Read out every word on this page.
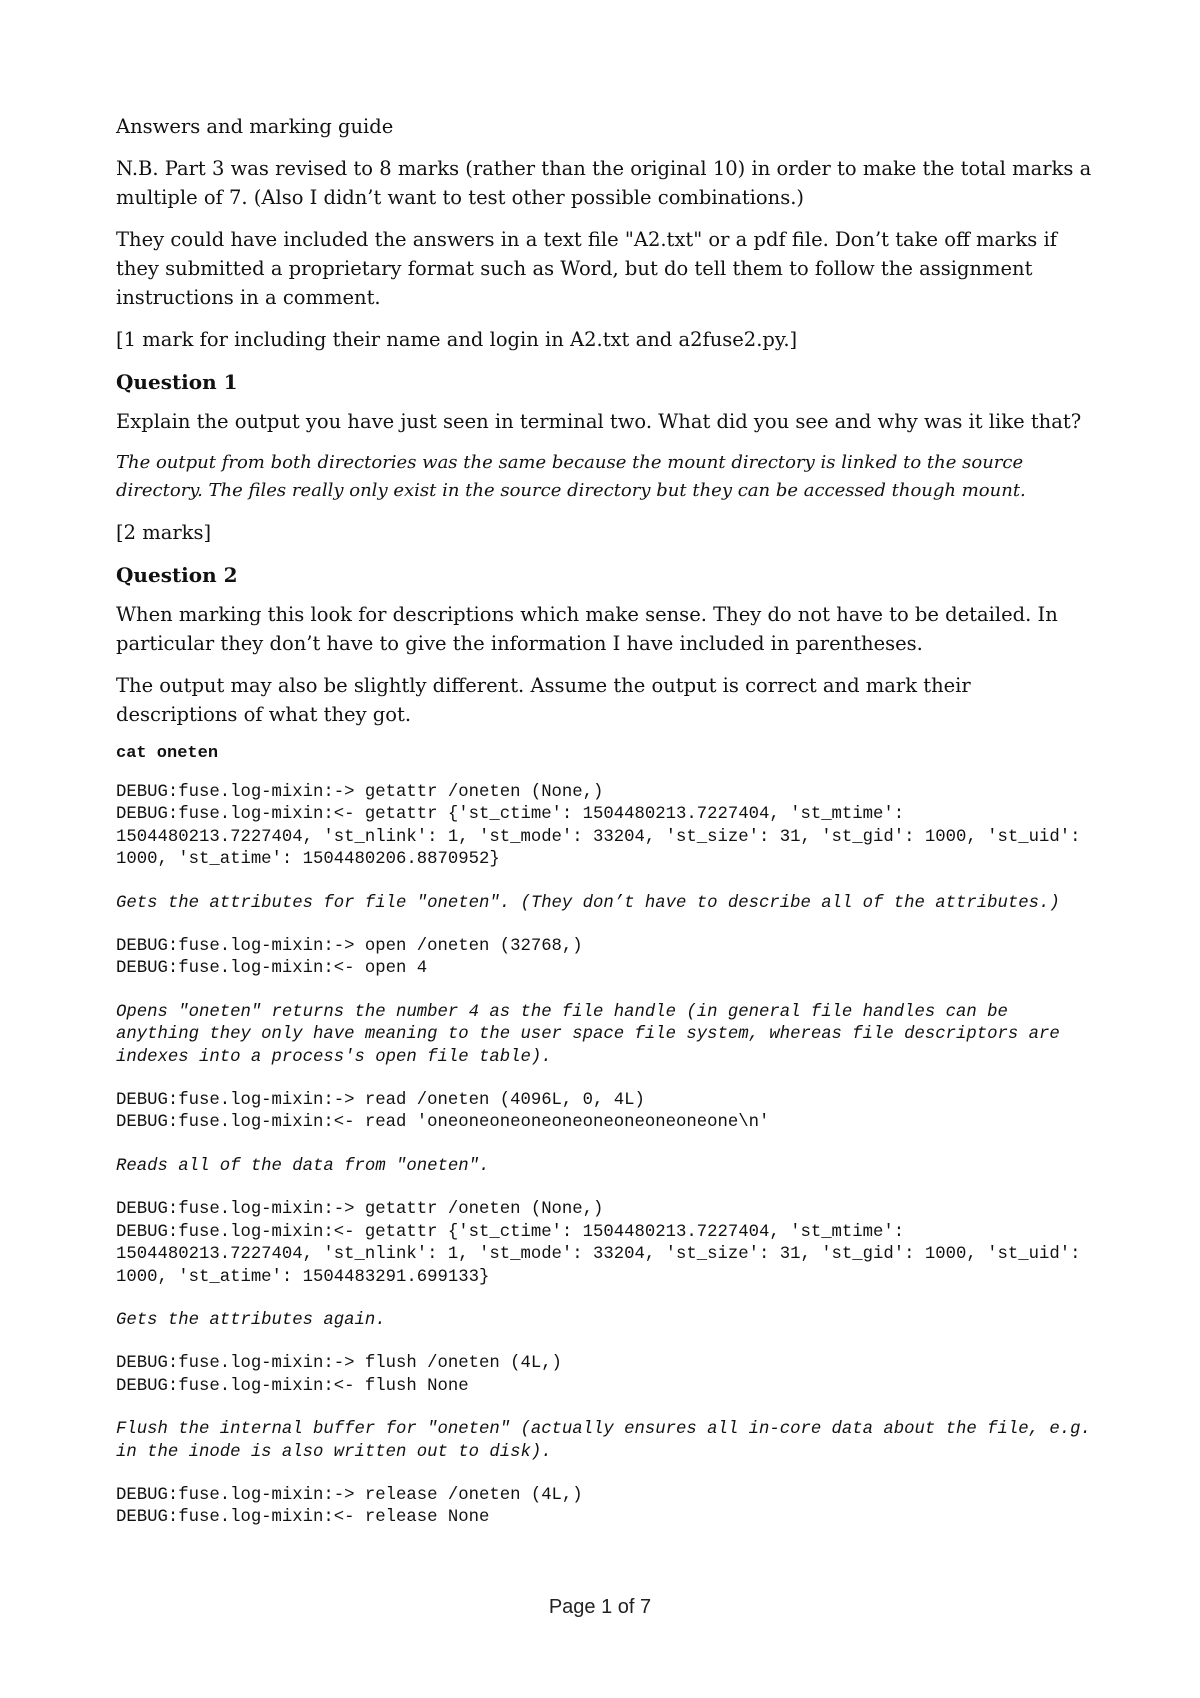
Answers and marking guide

N.B. Part 3 was revised to 8 marks (rather than the original 10) in order to make the total marks a multiple of 7. (Also I didn’t want to test other possible combinations.)

They could have included the answers in a text file "A2.txt" or a pdf file. Don’t take off marks if they submitted a proprietary format such as Word, but do tell them to follow the assignment instructions in a comment.

[1 mark for including their name and login in A2.txt and a2fuse2.py.]

Question 1

Explain the output you have just seen in terminal two. What did you see and why was it like that?

The output from both directories was the same because the mount directory is linked to the source directory. The files really only exist in the source directory but they can be accessed though mount.

[2 marks]

Question 2

When marking this look for descriptions which make sense. They do not have to be detailed. In particular they don’t have to give the information I have included in parentheses.

The output may also be slightly different. Assume the output is correct and mark their descriptions of what they got.

cat oneten
DEBUG:fuse.log-mixin:-> getattr /oneten (None,)
DEBUG:fuse.log-mixin:<- getattr {'st_ctime': 1504480213.7227404, 'st_mtime': 1504480213.7227404, 'st_nlink': 1, 'st_mode': 33204, 'st_size': 31, 'st_gid': 1000, 'st_uid': 1000, 'st_atime': 1504480206.8870952}
Gets the attributes for file "oneten". (They don’t have to describe all of the attributes.)
DEBUG:fuse.log-mixin:-> open /oneten (32768,)
DEBUG:fuse.log-mixin:<- open 4
Opens "oneten" returns the number 4 as the file handle (in general file handles can be anything they only have meaning to the user space file system, whereas file descriptors are indexes into a process's open file table).
DEBUG:fuse.log-mixin:-> read /oneten (4096L, 0, 4L)
DEBUG:fuse.log-mixin:<- read 'oneoneoneoneoneoneoneoneoneone\n'
Reads all of the data from "oneten".
DEBUG:fuse.log-mixin:-> getattr /oneten (None,)
DEBUG:fuse.log-mixin:<- getattr {'st_ctime': 1504480213.7227404, 'st_mtime': 1504480213.7227404, 'st_nlink': 1, 'st_mode': 33204, 'st_size': 31, 'st_gid': 1000, 'st_uid': 1000, 'st_atime': 1504483291.699133}
Gets the attributes again.
DEBUG:fuse.log-mixin:-> flush /oneten (4L,)
DEBUG:fuse.log-mixin:<- flush None
Flush the internal buffer for "oneten" (actually ensures all in-core data about the file, e.g. in the inode is also written out to disk).
DEBUG:fuse.log-mixin:-> release /oneten (4L,)
DEBUG:fuse.log-mixin:<- release None
Page 1 of 7
